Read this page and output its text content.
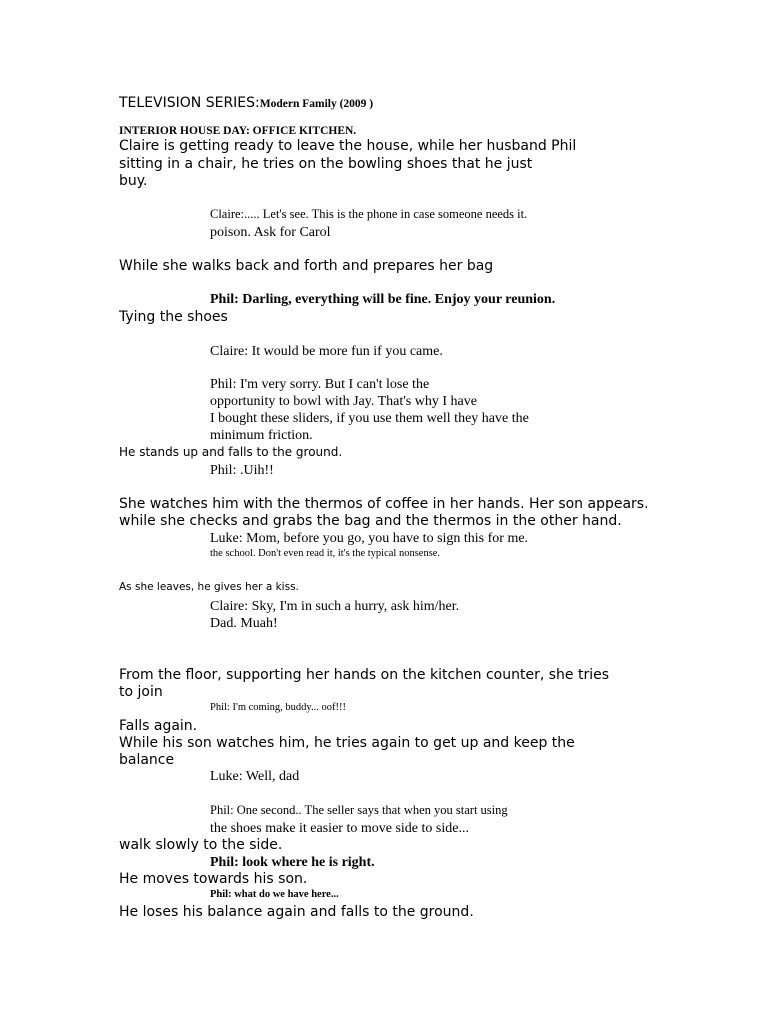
TELEVISION SERIES:Modern Family (2009 )
INTERIOR HOUSE DAY: OFFICE KITCHEN.
Claire is getting ready to leave the house, while her husband Phil
sitting in a chair, he tries on the bowling shoes that he just
buy.
Claire:..... Let's see. This is the phone in case someone needs it.
poison. Ask for Carol
While she walks back and forth and prepares her bag
Phil: Darling, everything will be fine. Enjoy your reunion.
Tying the shoes
Claire: It would be more fun if you came.
Phil: I'm very sorry. But I can't lose the
opportunity to bowl with Jay. That's why I have
I bought these sliders, if you use them well they have the
minimum friction.
He stands up and falls to the ground.
Phil: .Uih!!
She watches him with the thermos of coffee in her hands. Her son appears.
while she checks and grabs the bag and the thermos in the other hand.
Luke: Mom, before you go, you have to sign this for me.
the school. Don't even read it, it's the typical nonsense.
As she leaves, he gives her a kiss.
Claire: Sky, I'm in such a hurry, ask him/her.
Dad. Muah!
From the floor, supporting her hands on the kitchen counter, she tries
to join
Phil: I'm coming, buddy... oof!!!
Falls again.
While his son watches him, he tries again to get up and keep the
balance
Luke: Well, dad
Phil: One second.. The seller says that when you start using
the shoes make it easier to move side to side...
walk slowly to the side.
Phil: look where he is right.
He moves towards his son.
Phil: what do we have here...
He loses his balance again and falls to the ground.
